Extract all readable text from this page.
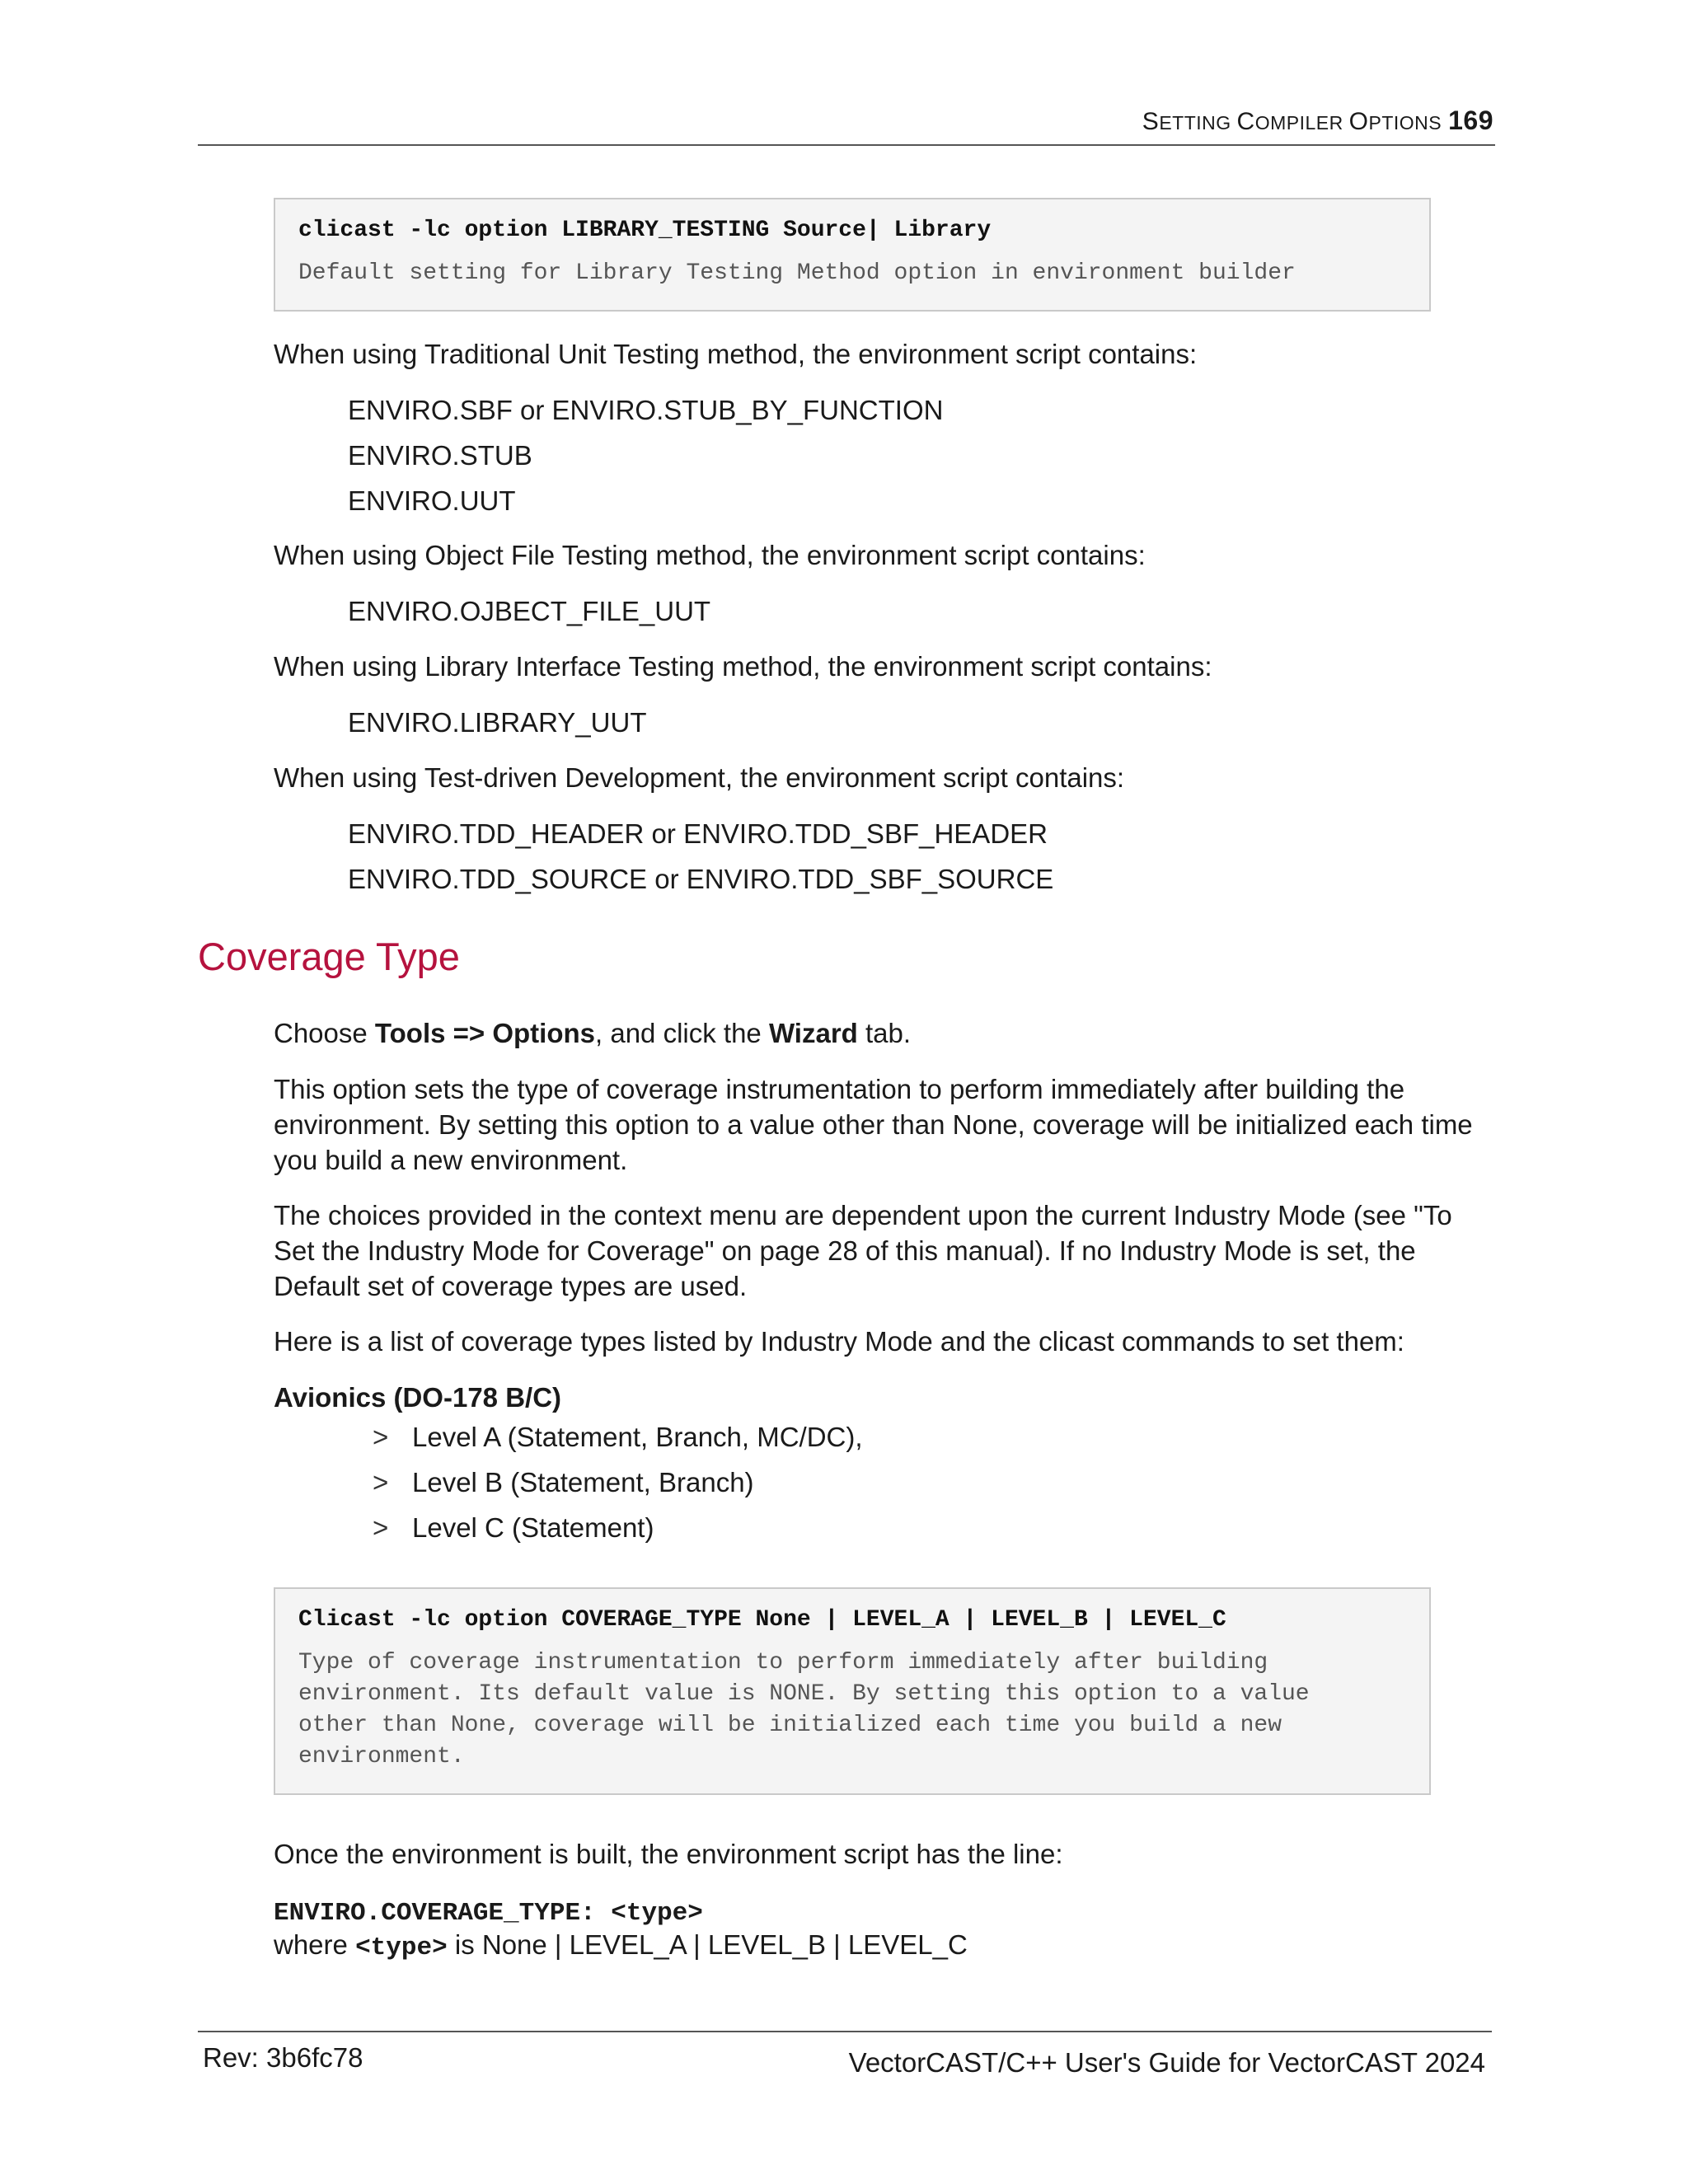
SETTING COMPILER OPTIONS 169
clicast -lc option LIBRARY_TESTING Source| Library
Default setting for Library Testing Method option in environment builder
When using Traditional Unit Testing method, the environment script contains:
ENVIRO.SBF or ENVIRO.STUB_BY_FUNCTION
ENVIRO.STUB
ENVIRO.UUT
When using Object File Testing method, the environment script contains:
ENVIRO.OJBECT_FILE_UUT
When using Library Interface Testing method, the environment script contains:
ENVIRO.LIBRARY_UUT
When using Test-driven Development, the environment script contains:
ENVIRO.TDD_HEADER or ENVIRO.TDD_SBF_HEADER
ENVIRO.TDD_SOURCE or ENVIRO.TDD_SBF_SOURCE
Coverage Type
Choose Tools => Options, and click the Wizard tab.
This option sets the type of coverage instrumentation to perform immediately after building the environment. By setting this option to a value other than None, coverage will be initialized each time you build a new environment.
The choices provided in the context menu are dependent upon the current Industry Mode (see "To Set the Industry Mode for Coverage" on page 28 of this manual). If no Industry Mode is set, the Default set of coverage types are used.
Here is a list of coverage types listed by Industry Mode and the clicast commands to set them:
Avionics (DO-178 B/C)
> Level A (Statement, Branch, MC/DC),
> Level B (Statement, Branch)
> Level C (Statement)
Clicast -lc option COVERAGE_TYPE None | LEVEL_A | LEVEL_B | LEVEL_C
Type of coverage instrumentation to perform immediately after building
environment. Its default value is NONE. By setting this option to a value
other than None, coverage will be initialized each time you build a new
environment.
Once the environment is built, the environment script has the line:
ENVIRO.COVERAGE_TYPE: <type>
where <type> is None | LEVEL_A | LEVEL_B | LEVEL_C
Rev: 3b6fc78	VectorCAST/C++ User's Guide for VectorCAST 2024
